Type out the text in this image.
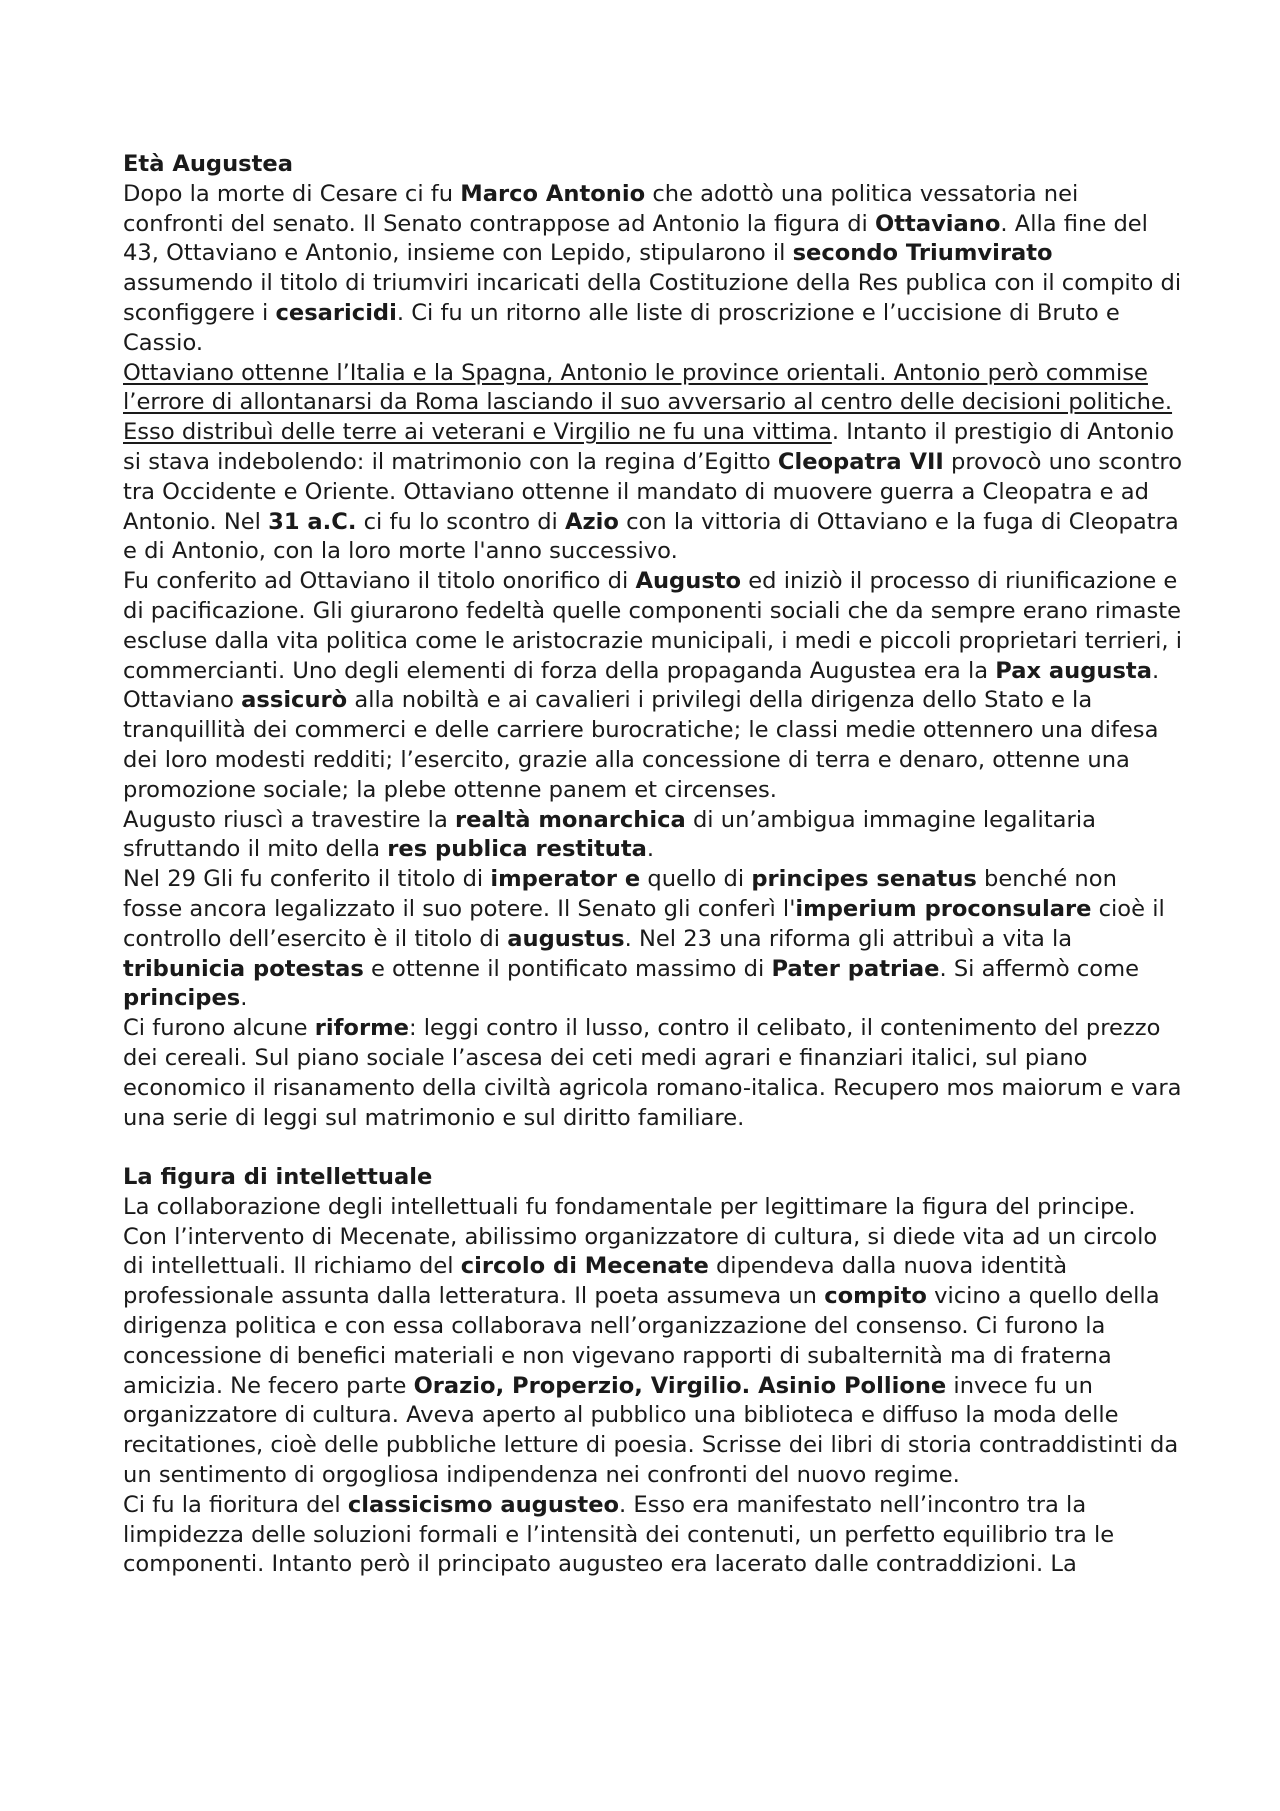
Età Augustea

Dopo la morte di Cesare ci fu Marco Antonio che adottò una politica vessatoria nei confronti del senato. Il Senato contrappose ad Antonio la figura di Ottaviano. Alla fine del 43, Ottaviano e Antonio, insieme con Lepido, stipularono il secondo Triumvirato assumendo il titolo di triumviri incaricati della Costituzione della Res publica con il compito di sconfiggere i cesaricidi. Ci fu un ritorno alle liste di proscrizione e l’uccisione di Bruto e Cassio.

Ottaviano ottenne l’Italia e la Spagna, Antonio le province orientali. Antonio però commise l’errore di allontanarsi da Roma lasciando il suo avversario al centro delle decisioni politiche. Esso distribuì delle terre ai veterani e Virgilio ne fu una vittima. Intanto il prestigio di Antonio si stava indebolendo: il matrimonio con la regina d’Egitto Cleopatra VII provocò uno scontro tra Occidente e Oriente. Ottaviano ottenne il mandato di muovere guerra a Cleopatra e ad Antonio. Nel 31 a.C. ci fu lo scontro di Azio con la vittoria di Ottaviano e la fuga di Cleopatra e di Antonio, con la loro morte l'anno successivo.

Fu conferito ad Ottaviano il titolo onorifico di Augusto ed iniziò il processo di riunificazione e di pacificazione. Gli giurarono fedeltà quelle componenti sociali che da sempre erano rimaste escluse dalla vita politica come le aristocrazie municipali, i medi e piccoli proprietari terrieri, i commercianti. Uno degli elementi di forza della propaganda Augustea era la Pax augusta.

Ottaviano assicurò alla nobiltà e ai cavalieri i privilegi della dirigenza dello Stato e la tranquillità dei commerci e delle carriere burocratiche; le classi medie ottennero una difesa dei loro modesti redditi; l’esercito, grazie alla concessione di terra e denaro, ottenne una promozione sociale; la plebe ottenne panem et circenses.

Augusto riuscì a travestire la realtà monarchica di un’ambigua immagine legalitaria sfruttando il mito della res publica restituta.

Nel 29 Gli fu conferito il titolo di imperator e quello di principes senatus benché non fosse ancora legalizzato il suo potere. Il Senato gli conferì l'imperium proconsulare cioè il controllo dell’esercito è il titolo di augustus. Nel 23 una riforma gli attribuì a vita la tribunicia potestas e ottenne il pontificato massimo di Pater patriae. Si affermò come principes.

Ci furono alcune riforme: leggi contro il lusso, contro il celibato, il contenimento del prezzo dei cereali. Sul piano sociale l’ascesa dei ceti medi agrari e finanziari italici, sul piano economico il risanamento della civiltà agricola romano-italica. Recupero mos maiorum e vara una serie di leggi sul matrimonio e sul diritto familiare.

La figura di intellettuale

La collaborazione degli intellettuali fu fondamentale per legittimare la figura del principe. Con l’intervento di Mecenate, abilissimo organizzatore di cultura, si diede vita ad un circolo di intellettuali. Il richiamo del circolo di Mecenate dipendeva dalla nuova identità professionale assunta dalla letteratura. Il poeta assumeva un compito vicino a quello della dirigenza politica e con essa collaborava nell’organizzazione del consenso. Ci furono la concessione di benefici materiali e non vigevano rapporti di subalternità ma di fraterna amicizia. Ne fecero parte Orazio, Properzio, Virgilio. Asinio Pollione invece fu un organizzatore di cultura. Aveva aperto al pubblico una biblioteca e diffuso la moda delle recitationes, cioè delle pubbliche letture di poesia. Scrisse dei libri di storia contraddistinti da un sentimento di orgogliosa indipendenza nei confronti del nuovo regime.

Ci fu la fioritura del classicismo augusteo. Esso era manifestato nell’incontro tra la limpidezza delle soluzioni formali e l’intensità dei contenuti, un perfetto equilibrio tra le componenti. Intanto però il principato augusteo era lacerato dalle contraddizioni. La
